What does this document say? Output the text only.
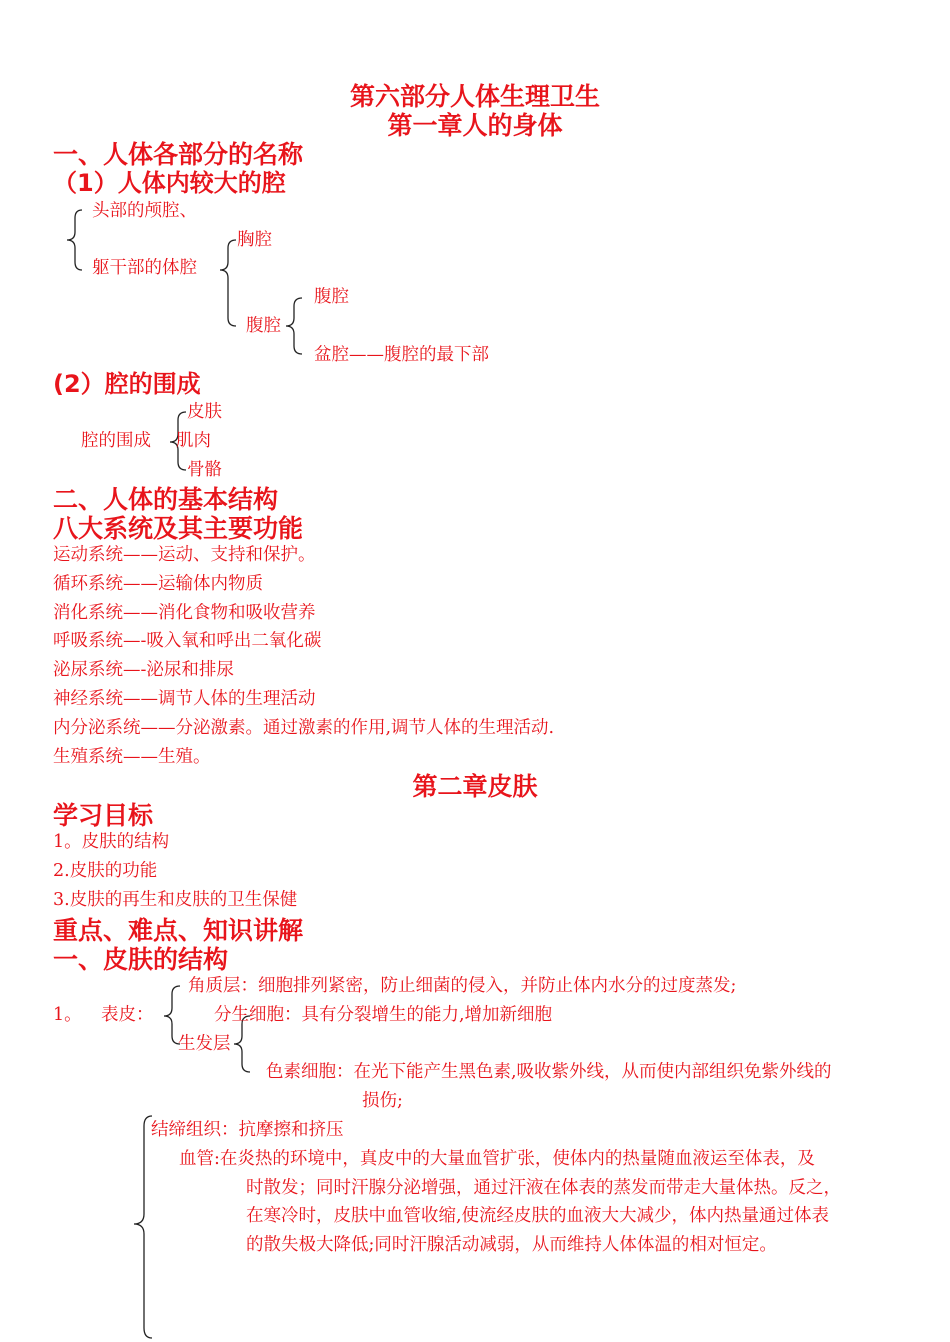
第六部分人体生理卫生
第一章人的身体
一、人体各部分的名称
（1）人体内较大的腔
头部的颅腔、
胸腔
躯干部的体腔
腹腔
腹腔
盆腔——腹腔的最下部
(2）腔的围成
皮肤
腔的围成 肌肉
骨骼
二、人体的基本结构
八大系统及其主要功能
运动系统——运动、支持和保护。
循环系统——运输体内物质
消化系统——消化食物和吸收营养
呼吸系统—-吸入氧和呼出二氧化碳
泌尿系统—-泌尿和排尿
神经系统——调节人体的生理活动
内分泌系统——分泌激素。通过激素的作用,调节人体的生理活动.
生殖系统——生殖。
第二章皮肤
学习目标
1。皮肤的结构
2.皮肤的功能
3.皮肤的再生和皮肤的卫生保健
重点、难点、知识讲解
一、皮肤的结构
角质层：细胞排列紧密，防止细菌的侵入，并防止体内水分的过度蒸发;
1。 表皮：	分生细胞：具有分裂增生的能力,增加新细胞
生发层
色素细胞：在光下能产生黑色素,吸收紫外线，从而使内部组织免紫外线的
损伤;
结缔组织：抗摩擦和挤压
血管:在炎热的环境中，真皮中的大量血管扩张，使体内的热量随血液运至体表，及
时散发；同时汗腺分泌增强，通过汗液在体表的蒸发而带走大量体热。反之，
在寒冷时，皮肤中血管收缩,使流经皮肤的血液大大减少，体内热量通过体表
的散失极大降低;同时汗腺活动减弱，从而维持人体体温的相对恒定。
